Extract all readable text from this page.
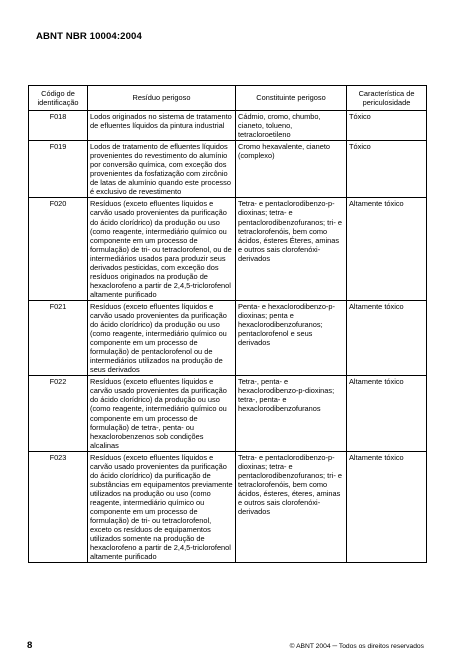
ABNT NBR 10004:2004
Código de identificação	Resíduo perigoso	Constituinte perigoso	Característica de periculosidade
F018	Lodos originados no sistema de tratamento de efluentes líquidos da pintura industrial	Cádmio, cromo, chumbo, cianeto, tolueno, tetracloroetileno	Tóxico
F019	Lodos de tratamento de efluentes líquidos provenientes do revestimento do alumínio por conversão química, com exceção dos provenientes da fosfatização com zircônio de latas de alumínio quando este processo é exclusivo de revestimento	Cromo hexavalente, cianeto (complexo)	Tóxico
F020	Resíduos (exceto efluentes líquidos e carvão usado provenientes da purificação do ácido clorídrico) da produção ou uso (como reagente, intermediário químico ou componente em um processo de formulação) de tri- ou tetraclorofenol, ou de intermediários usados para produzir seus derivados pesticidas, com exceção dos resíduos originados na produção de hexaclorofeno a partir de 2,4,5-triclorofenol altamente purificado	Tetra- e pentaclorodibenzo-p-dioxinas; tetra- e pentaclorodibenzofuranos; tri- e tetraclorofenóis, bem como ácidos, ésteres Éteres, aminas e outros sais clorofenóxi-derivados	Altamente tóxico
F021	Resíduos (exceto efluentes líquidos e carvão usado provenientes da purificação do ácido clorídrico) da produção ou uso (como reagente, intermediário químico ou componente em um processo de formulação) de pentaclorofenol ou de intermediários utilizados na produção de seus derivados	Penta- e hexaclorodibenzo-p-dioxinas; penta e hexaclorodibenzofuranos; pentaclorofenol e seus derivados	Altamente tóxico
F022	Resíduos (exceto efluentes líquidos e carvão usado provenientes da purificação do ácido clorídrico) da produção ou uso (como reagente, intermediário químico ou componente em um processo de formulação) de tetra-, penta- ou hexaclorobenzenos sob condições alcalinas	Tetra-, penta- e hexaclorodibenzo-p-dioxinas; tetra-, penta- e hexaclorodibenzofuranos	Altamente tóxico
F023	Resíduos (exceto efluentes líquidos e carvão usado provenientes da purificação do ácido clorídrico) da purificação de substâncias em equipamentos previamente utilizados na produção ou uso (como reagente, intermediário químico ou componente em um processo de formulação) de tri- ou tetraclorofenol, exceto os resíduos de equipamentos utilizados somente na produção de hexaclorofeno a partir de 2,4,5-triclorofenol altamente purificado	Tetra- e pentaclorodibenzo-p-dioxinas; tetra- e pentaclorodibenzofuranos; tri- e tetraclorofenóis, bem como ácidos, ésteres, éteres, aminas e outros sais clorofenóxi-derivados	Altamente tóxico
8	© ABNT 2004 ─ Todos os direitos reservados
